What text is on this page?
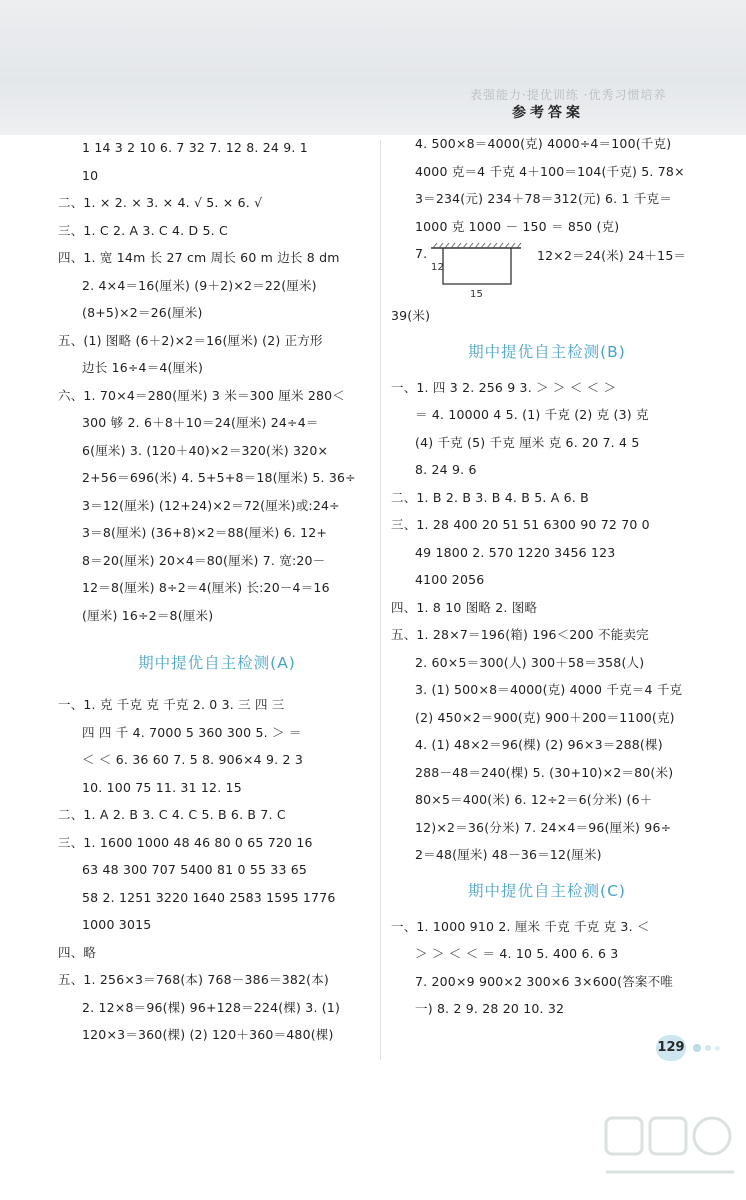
表强能力·提优训练 ·优秀习惯培养
参考答案
1 14 3 2 10 6. 7 32 7. 12 8. 24 9. 1
10
二、1. × 2. × 3. × 4. √ 5. × 6. √
三、1. C 2. A 3. C 4. D 5. C
四、1. 宽 14m 长 27 cm 周长 60 m 边长 8 dm
2. 4×4＝16(厘米) (9＋2)×2＝22(厘米)
(8+5)×2＝26(厘米)
五、(1) 图略 (6＋2)×2＝16(厘米) (2) 正方形
边长 16÷4＝4(厘米)
六、1. 70×4＝280(厘米) 3 米＝300 厘米 280＜
300 够 2. 6＋8＋10＝24(厘米) 24÷4＝
6(厘米) 3. (120＋40)×2＝320(米) 320×
2+56＝696(米) 4. 5+5+8＝18(厘米) 5. 36÷
3＝12(厘米) (12+24)×2＝72(厘米)或:24÷
3＝8(厘米) (36+8)×2＝88(厘米) 6. 12+
8＝20(厘米) 20×4＝80(厘米) 7. 宽:20－
12＝8(厘米) 8÷2＝4(厘米) 长:20－4＝16
(厘米) 16÷2＝8(厘米)
期中提优自主检测(A)
一、1. 克 千克 克 千克 2. 0 3. 三 四 三
四 四 千 4. 7000 5 360 300 5. ＞ ＝
＜ ＜ 6. 36 60 7. 5 8. 906×4 9. 2 3
10. 100 75 11. 31 12. 15
二、1. A 2. B 3. C 4. C 5. B 6. B 7. C
三、1. 1600 1000 48 46 80 0 65 720 16
63 48 300 707 5400 81 0 55 33 65
58 2. 1251 3220 1640 2583 1595 1776
1000 3015
四、略
五、1. 256×3＝768(本) 768－386＝382(本)
2. 12×8＝96(棵) 96+128＝224(棵) 3. (1)
120×3＝360(棵) (2) 120＋360＝480(棵)
4. 500×8＝4000(克) 4000÷4＝100(千克)
4000 克＝4 千克 4＋100＝104(千克) 5. 78×
3＝234(元) 234＋78＝312(元) 6. 1 千克＝
1000 克 1000 － 150 ＝ 850 (克)
7.
12
15
12×2＝24(米) 24＋15＝
39(米)
期中提优自主检测(B)
一、1. 四 3 2. 256 9 3. ＞ ＞ ＜ ＜ ＞
＝ 4. 10000 4 5. (1) 千克 (2) 克 (3) 克
(4) 千克 (5) 千克 厘米 克 6. 20 7. 4 5
8. 24 9. 6
二、1. B 2. B 3. B 4. B 5. A 6. B
三、1. 28 400 20 51 51 6300 90 72 70 0
49 1800 2. 570 1220 3456 123
4100 2056
四、1. 8 10 图略 2. 图略
五、1. 28×7＝196(箱) 196＜200 不能卖完
2. 60×5＝300(人) 300＋58＝358(人)
3. (1) 500×8＝4000(克) 4000 千克＝4 千克
(2) 450×2＝900(克) 900＋200＝1100(克)
4. (1) 48×2＝96(棵) (2) 96×3＝288(棵)
288－48＝240(棵) 5. (30+10)×2＝80(米)
80×5＝400(米) 6. 12÷2＝6(分米) (6＋
12)×2＝36(分米) 7. 24×4＝96(厘米) 96÷
2＝48(厘米) 48－36＝12(厘米)
期中提优自主检测(C)
一、1. 1000 910 2. 厘米 千克 千克 克 3. ＜
＞ ＞ ＜ ＜ ＝ 4. 10 5. 400 6. 6 3
7. 200×9 900×2 300×6 3×600(答案不唯
一) 8. 2 9. 28 20 10. 32
129
